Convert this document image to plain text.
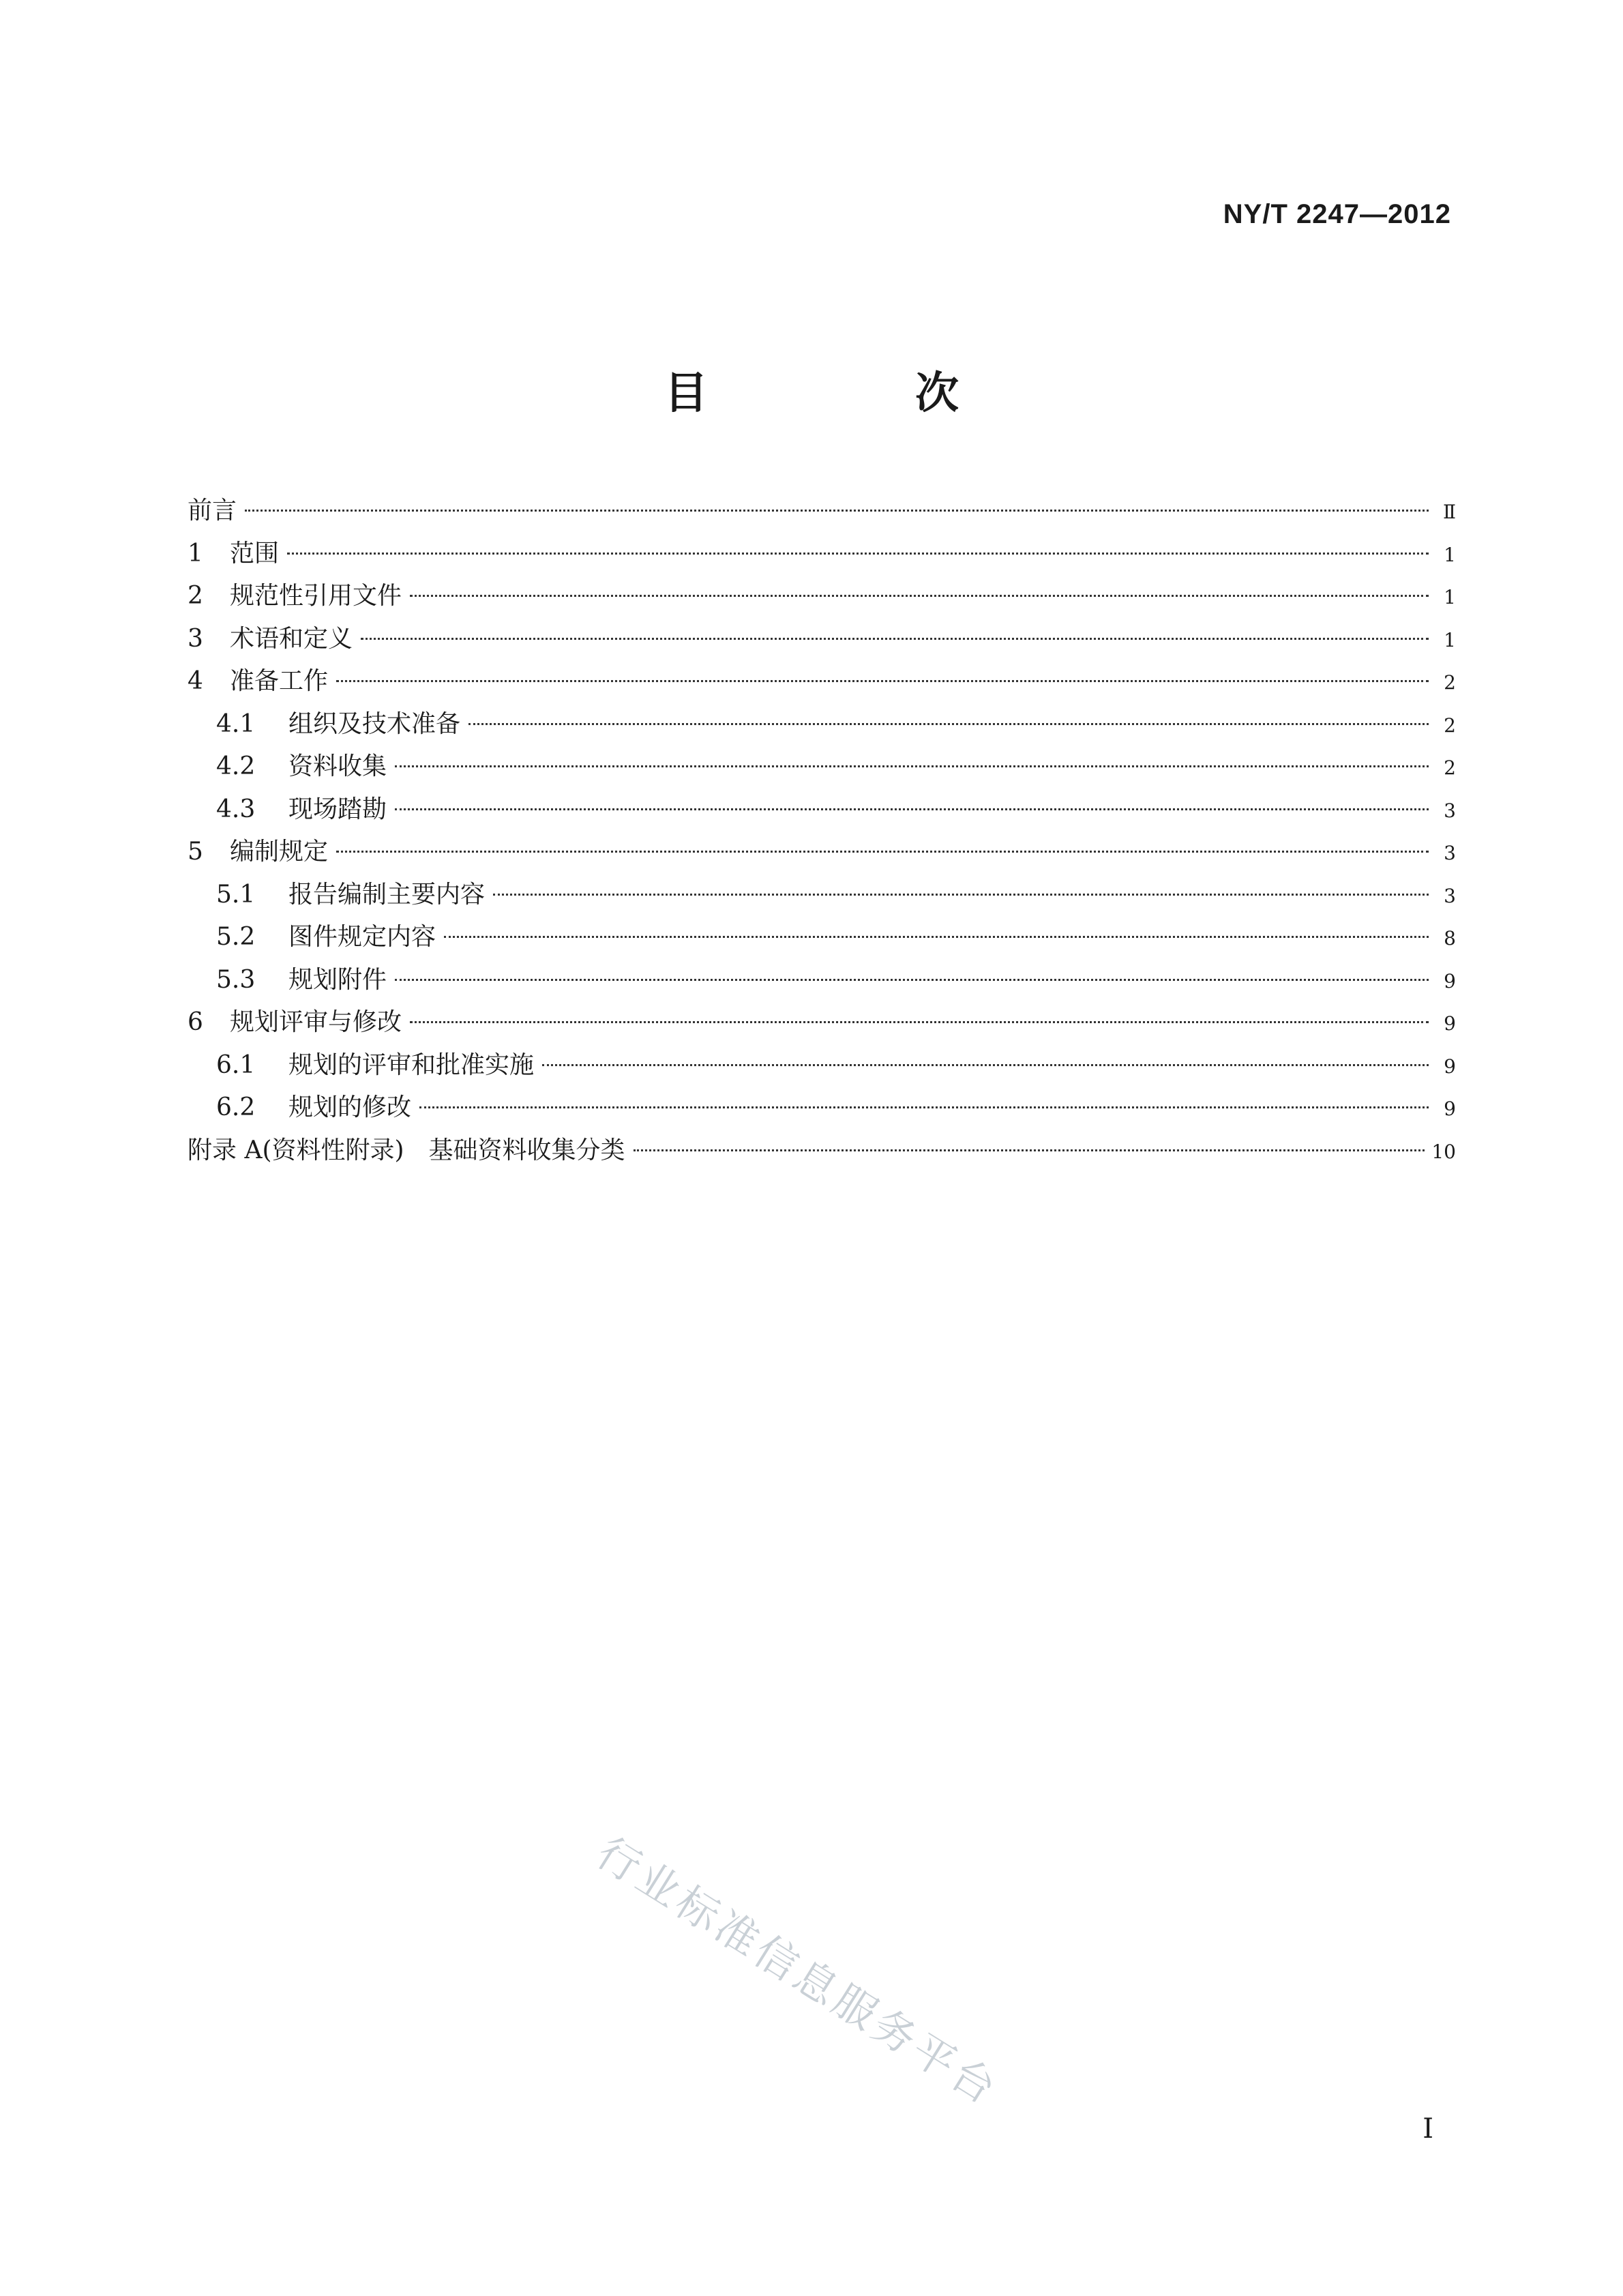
NY/T 2247—2012
目　次
前言	Ⅱ
1	范围	1
2	规范性引用文件	1
3	术语和定义	1
4	准备工作	2
4.1	组织及技术准备	2
4.2	资料收集	2
4.3	现场踏勘	3
5	编制规定	3
5.1	报告编制主要内容	3
5.2	图件规定内容	8
5.3	规划附件	9
6	规划评审与修改	9
6.1	规划的评审和批准实施	9
6.2	规划的修改	9
附录 A(资料性附录)　基础资料收集分类	10
行业标准信息服务平台
I
